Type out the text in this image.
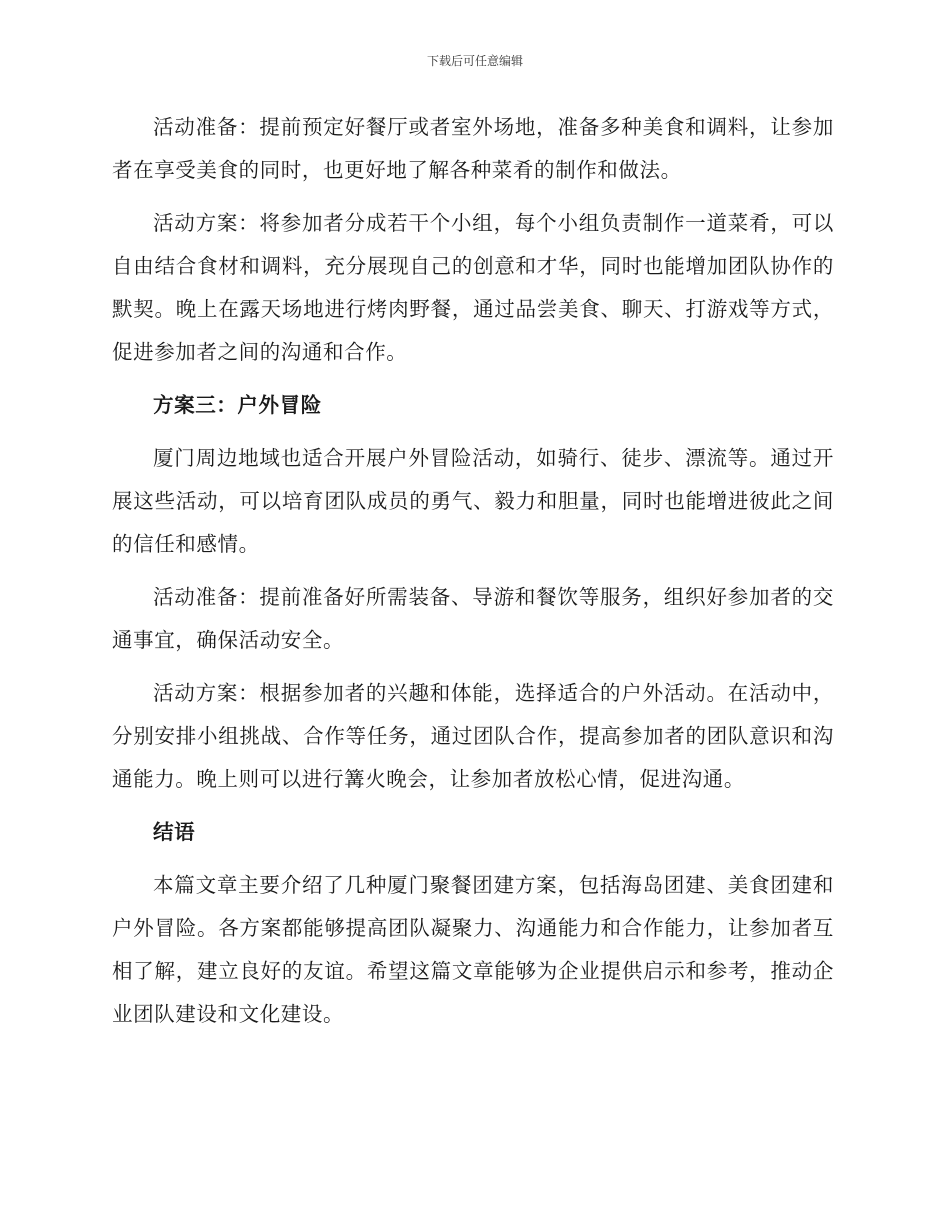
下载后可任意编辑

活动准备：提前预定好餐厅或者室外场地，准备多种美食和调料，让参加者在享受美食的同时，也更好地了解各种菜肴的制作和做法。

活动方案：将参加者分成若干个小组，每个小组负责制作一道菜肴，可以自由结合食材和调料，充分展现自己的创意和才华，同时也能增加团队协作的默契。晚上在露天场地进行烤肉野餐，通过品尝美食、聊天、打游戏等方式，促进参加者之间的沟通和合作。

方案三：户外冒险

厦门周边地域也适合开展户外冒险活动，如骑行、徒步、漂流等。通过开展这些活动，可以培育团队成员的勇气、毅力和胆量，同时也能增进彼此之间的信任和感情。

活动准备：提前准备好所需装备、导游和餐饮等服务，组织好参加者的交通事宜，确保活动安全。

活动方案：根据参加者的兴趣和体能，选择适合的户外活动。在活动中，分别安排小组挑战、合作等任务，通过团队合作，提高参加者的团队意识和沟通能力。晚上则可以进行篝火晚会，让参加者放松心情，促进沟通。

结语

本篇文章主要介绍了几种厦门聚餐团建方案，包括海岛团建、美食团建和户外冒险。各方案都能够提高团队凝聚力、沟通能力和合作能力，让参加者互相了解，建立良好的友谊。希望这篇文章能够为企业提供启示和参考，推动企业团队建设和文化建设。
